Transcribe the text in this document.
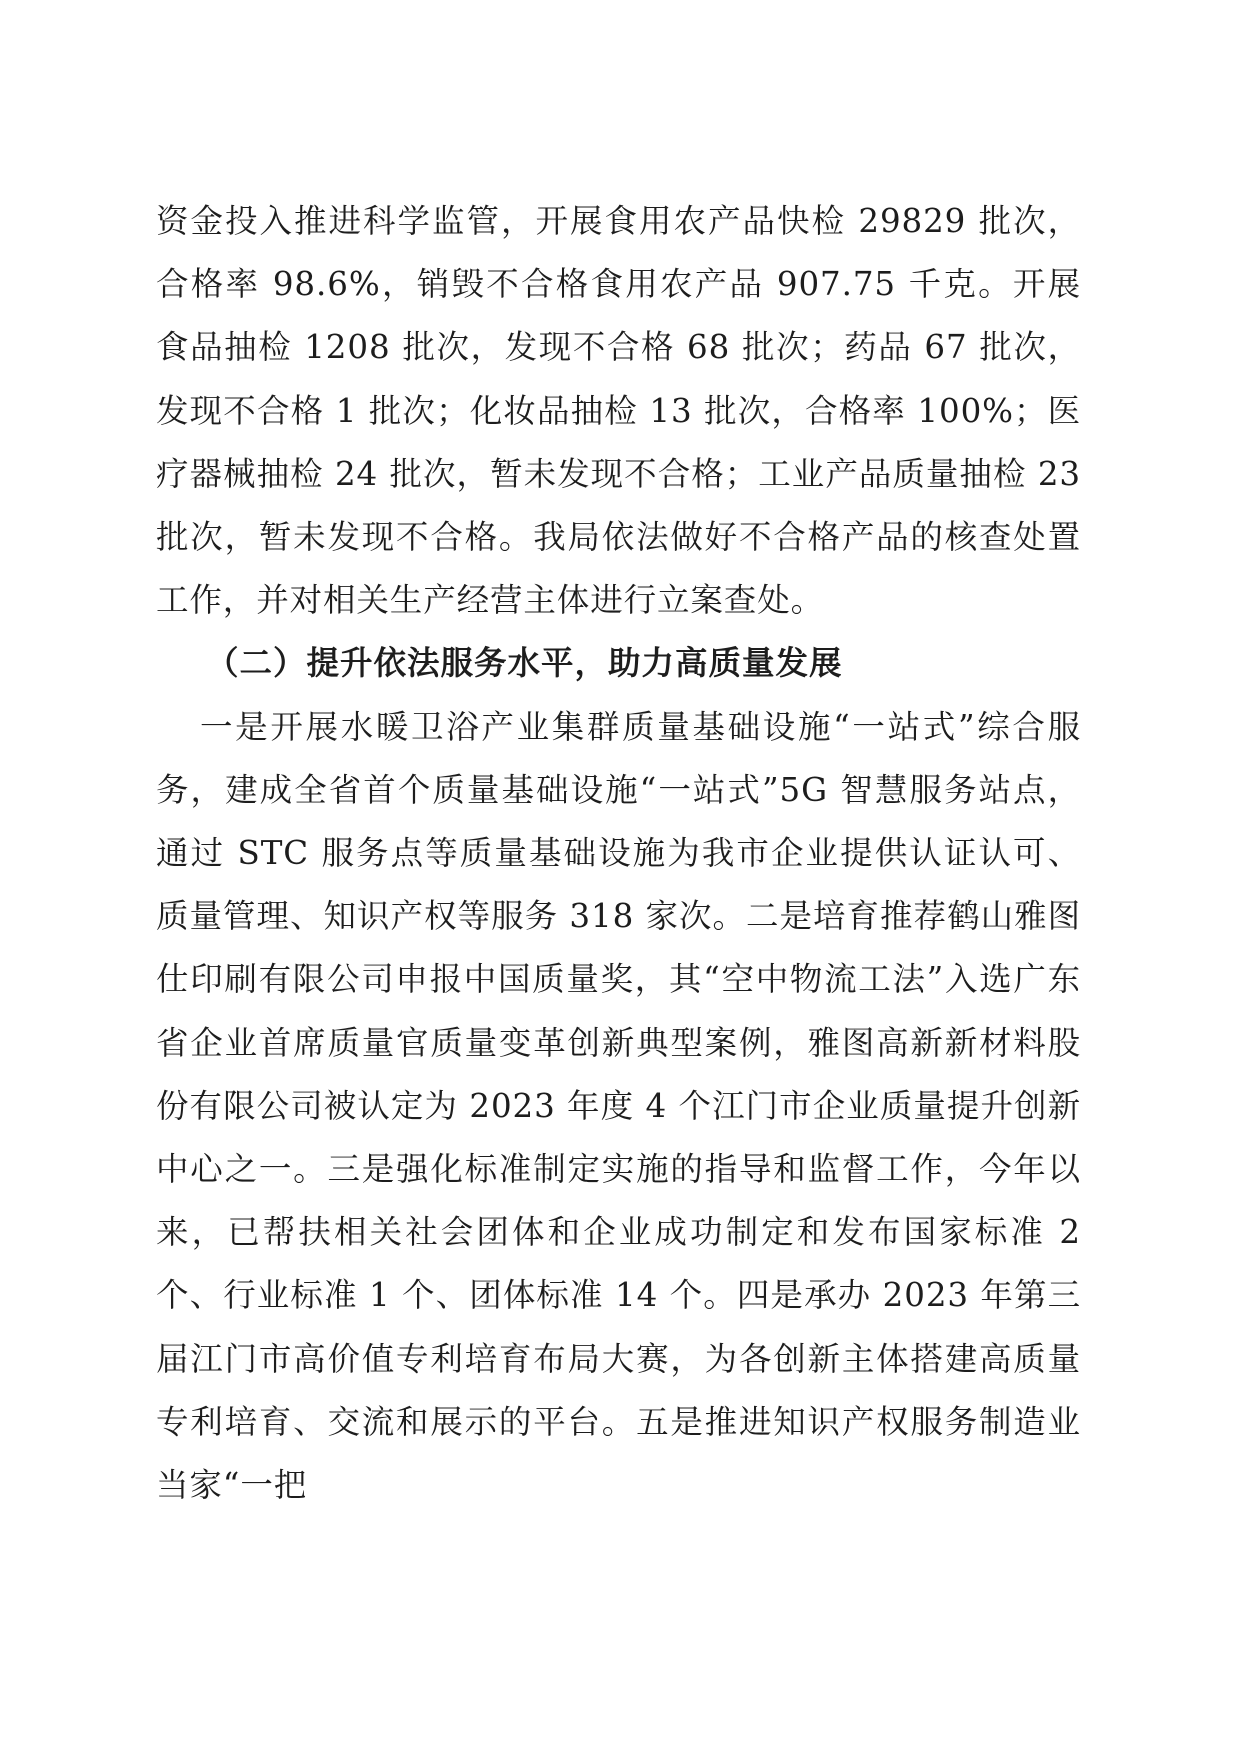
资金投入推进科学监管，开展食用农产品快检 29829 批次，合格率 98.6%，销毁不合格食用农产品 907.75 千克。开展食品抽检 1208 批次，发现不合格 68 批次；药品 67 批次，发现不合格 1 批次；化妆品抽检 13 批次，合格率 100%；医疗器械抽检 24 批次，暂未发现不合格；工业产品质量抽检 23 批次，暂未发现不合格。我局依法做好不合格产品的核查处置工作，并对相关生产经营主体进行立案查处。

（二）提升依法服务水平，助力高质量发展

一是开展水暖卫浴产业集群质量基础设施“一站式”综合服务，建成全省首个质量基础设施“一站式”5G 智慧服务站点，通过 STC 服务点等质量基础设施为我市企业提供认证认可、质量管理、知识产权等服务 318 家次。二是培育推荐鹤山雅图仕印刷有限公司申报中国质量奖，其“空中物流工法”入选广东省企业首席质量官质量变革创新典型案例，雅图高新新材料股份有限公司被认定为 2023 年度 4 个江门市企业质量提升创新中心之一。三是强化标准制定实施的指导和监督工作，今年以来，已帮扶相关社会团体和企业成功制定和发布国家标准 2 个、行业标准 1 个、团体标准 14 个。四是承办 2023 年第三届江门市高价值专利培育布局大赛，为各创新主体搭建高质量专利培育、交流和展示的平台。五是推进知识产权服务制造业当家“一把
